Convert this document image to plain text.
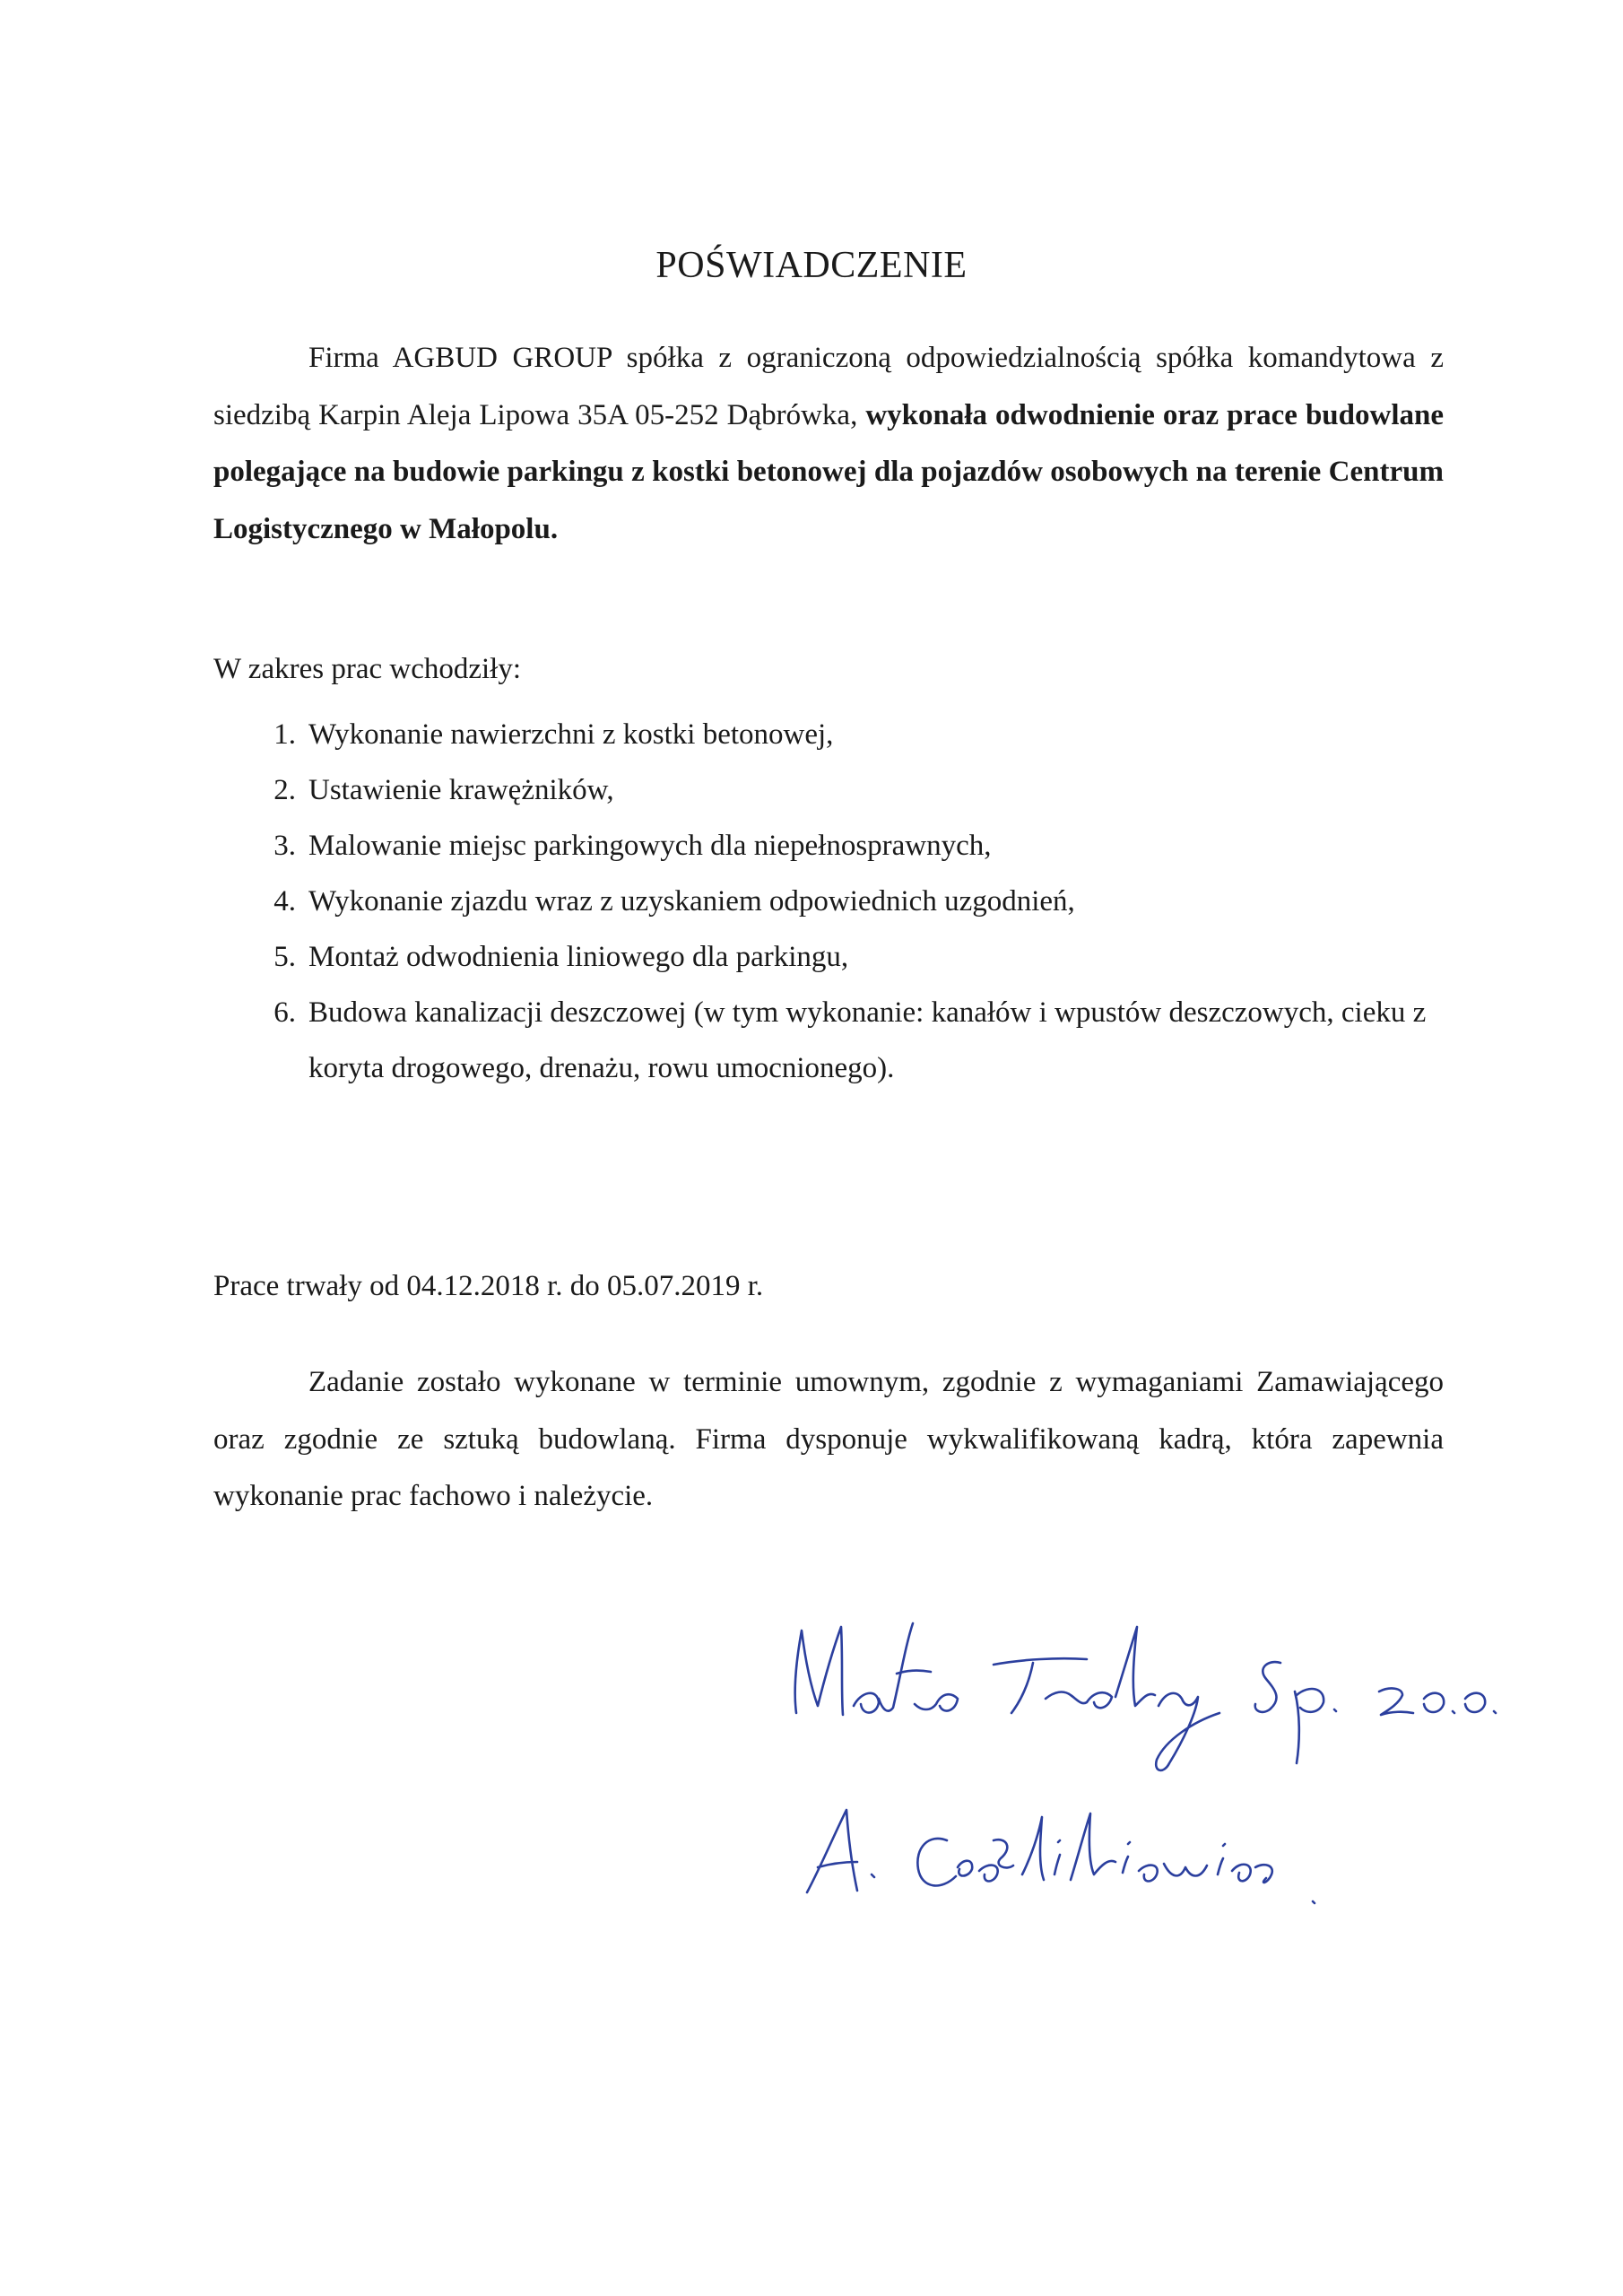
POŚWIADCZENIE

Firma AGBUD GROUP spółka z ograniczoną odpowiedzialnością spółka komandytowa z siedzibą Karpin Aleja Lipowa 35A 05-252 Dąbrówka, wykonała odwodnienie oraz prace budowlane polegające na budowie parkingu z kostki betonowej dla pojazdów osobowych na terenie Centrum Logistycznego w Małopolu.

W zakres prac wchodziły:

1. Wykonanie nawierzchni z kostki betonowej,
2. Ustawienie krawężników,
3. Malowanie miejsc parkingowych dla niepełnosprawnych,
4. Wykonanie zjazdu wraz z uzyskaniem odpowiednich uzgodnień,
5. Montaż odwodnienia liniowego dla parkingu,
6. Budowa kanalizacji deszczowej (w tym wykonanie: kanałów i wpustów deszczowych, cieku z koryta drogowego, drenażu, rowu umocnionego).

Prace trwały od 04.12.2018 r. do 05.07.2019 r.

Zadanie zostało wykonane w terminie umownym, zgodnie z wymaganiami Zamawiającego oraz zgodnie ze sztuką budowlaną. Firma dysponuje wykwalifikowaną kadrą, która zapewnia wykonanie prac fachowo i należycie.
